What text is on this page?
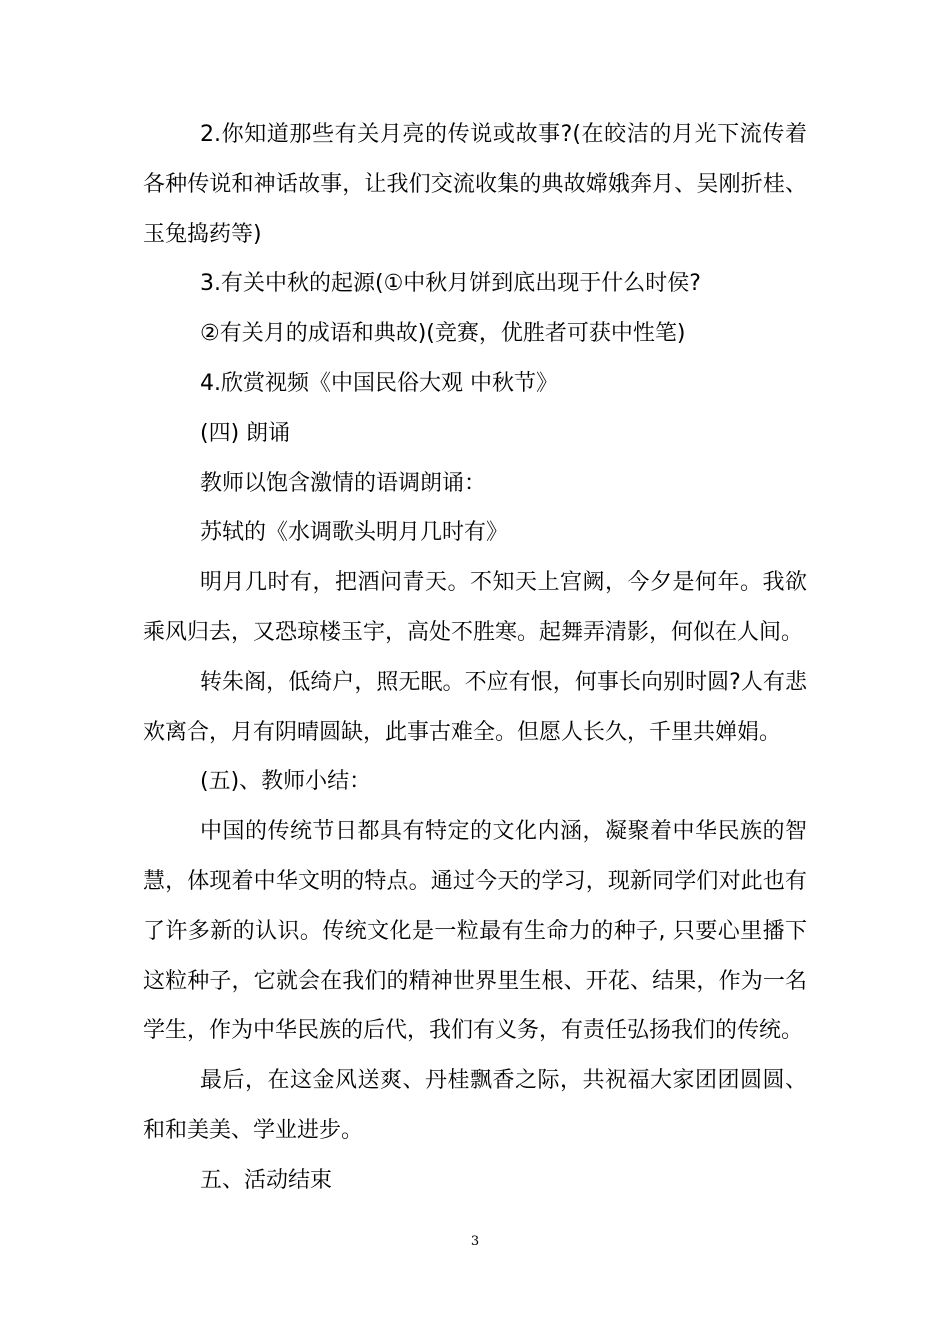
2.你知道那些有关月亮的传说或故事?(在皎洁的月光下流传着各种传说和神话故事，让我们交流收集的典故嫦娥奔月、吴刚折桂、玉兔捣药等)

3.有关中秋的起源(①中秋月饼到底出现于什么时侯?

②有关月的成语和典故)(竞赛，优胜者可获中性笔)

4.欣赏视频《中国民俗大观 中秋节》

(四) 朗诵

教师以饱含激情的语调朗诵：

苏轼的《水调歌头明月几时有》

明月几时有，把酒问青天。不知天上宫阙，今夕是何年。我欲乘风归去，又恐琼楼玉宇，高处不胜寒。起舞弄清影，何似在人间。

转朱阁，低绮户，照无眠。不应有恨，何事长向别时圆?人有悲欢离合，月有阴晴圆缺，此事古难全。但愿人长久，千里共婵娟。

(五)、教师小结：

中国的传统节日都具有特定的文化内涵，凝聚着中华民族的智慧，体现着中华文明的特点。通过今天的学习，现新同学们对此也有了许多新的认识。传统文化是一粒最有生命力的种子, 只要心里播下这粒种子，它就会在我们的精神世界里生根、开花、结果，作为一名学生，作为中华民族的后代，我们有义务，有责任弘扬我们的传统。

最后，在这金风送爽、丹桂飘香之际，共祝福大家团团圆圆、和和美美、学业进步。

五、活动结束

3
